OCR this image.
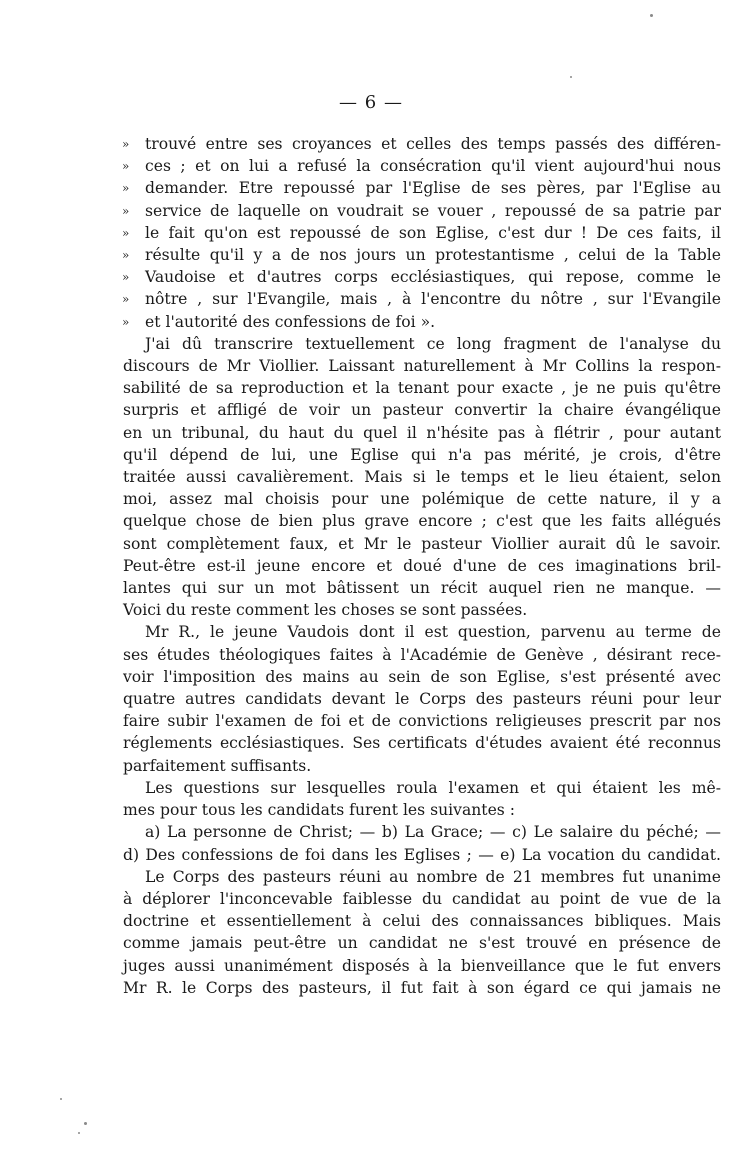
— 6 —
»
»
»
»
»
»
»
»
»
trouvé entre ses croyances et celles des temps passés des différen-
ces ; et on lui a refusé la consécration qu'il vient aujourd'hui nous
demander. Etre repoussé par l'Eglise de ses pères, par l'Eglise au
service de laquelle on voudrait se vouer , repoussé de sa patrie par
le fait qu'on est repoussé de son Eglise, c'est dur ! De ces faits, il
résulte qu'il y a de nos jours un protestantisme , celui de la Table
Vaudoise et d'autres corps ecclésiastiques, qui repose, comme le
nôtre , sur l'Evangile, mais , à l'encontre du nôtre , sur l'Evangile
et l'autorité des confessions de foi ».
J'ai dû transcrire textuellement ce long fragment de l'analyse du
discours de Mr Viollier. Laissant naturellement à Mr Collins la respon-
sabilité de sa reproduction et la tenant pour exacte , je ne puis qu'être
surpris et affligé de voir un pasteur convertir la chaire évangélique
en un tribunal, du haut du quel il n'hésite pas à flétrir , pour autant
qu'il dépend de lui, une Eglise qui n'a pas mérité, je crois, d'être
traitée aussi cavalièrement. Mais si le temps et le lieu étaient, selon
moi, assez mal choisis pour une polémique de cette nature, il y a
quelque chose de bien plus grave encore ; c'est que les faits allégués
sont complètement faux, et Mr le pasteur Viollier aurait dû le savoir.
Peut-être est-il jeune encore et doué d'une de ces imaginations bril-
lantes qui sur un mot bâtissent un récit auquel rien ne manque. —
Voici du reste comment les choses se sont passées.
Mr R., le jeune Vaudois dont il est question, parvenu au terme de
ses études théologiques faites à l'Académie de Genève , désirant rece-
voir l'imposition des mains au sein de son Eglise, s'est présenté avec
quatre autres candidats devant le Corps des pasteurs réuni pour leur
faire subir l'examen de foi et de convictions religieuses prescrit par nos
réglements ecclésiastiques. Ses certificats d'études avaient été reconnus
parfaitement suffisants.
Les questions sur lesquelles roula l'examen et qui étaient les mê-
mes pour tous les candidats furent les suivantes :
a) La personne de Christ; — b) La Grace; — c) Le salaire du péché; —
d) Des confessions de foi dans les Eglises ; — e) La vocation du candidat.
Le Corps des pasteurs réuni au nombre de 21 membres fut unanime
à déplorer l'inconcevable faiblesse du candidat au point de vue de la
doctrine et essentiellement à celui des connaissances bibliques. Mais
comme jamais peut-être un candidat ne s'est trouvé en présence de
juges aussi unanimément disposés à la bienveillance que le fut envers
Mr R. le Corps des pasteurs, il fut fait à son égard ce qui jamais ne
